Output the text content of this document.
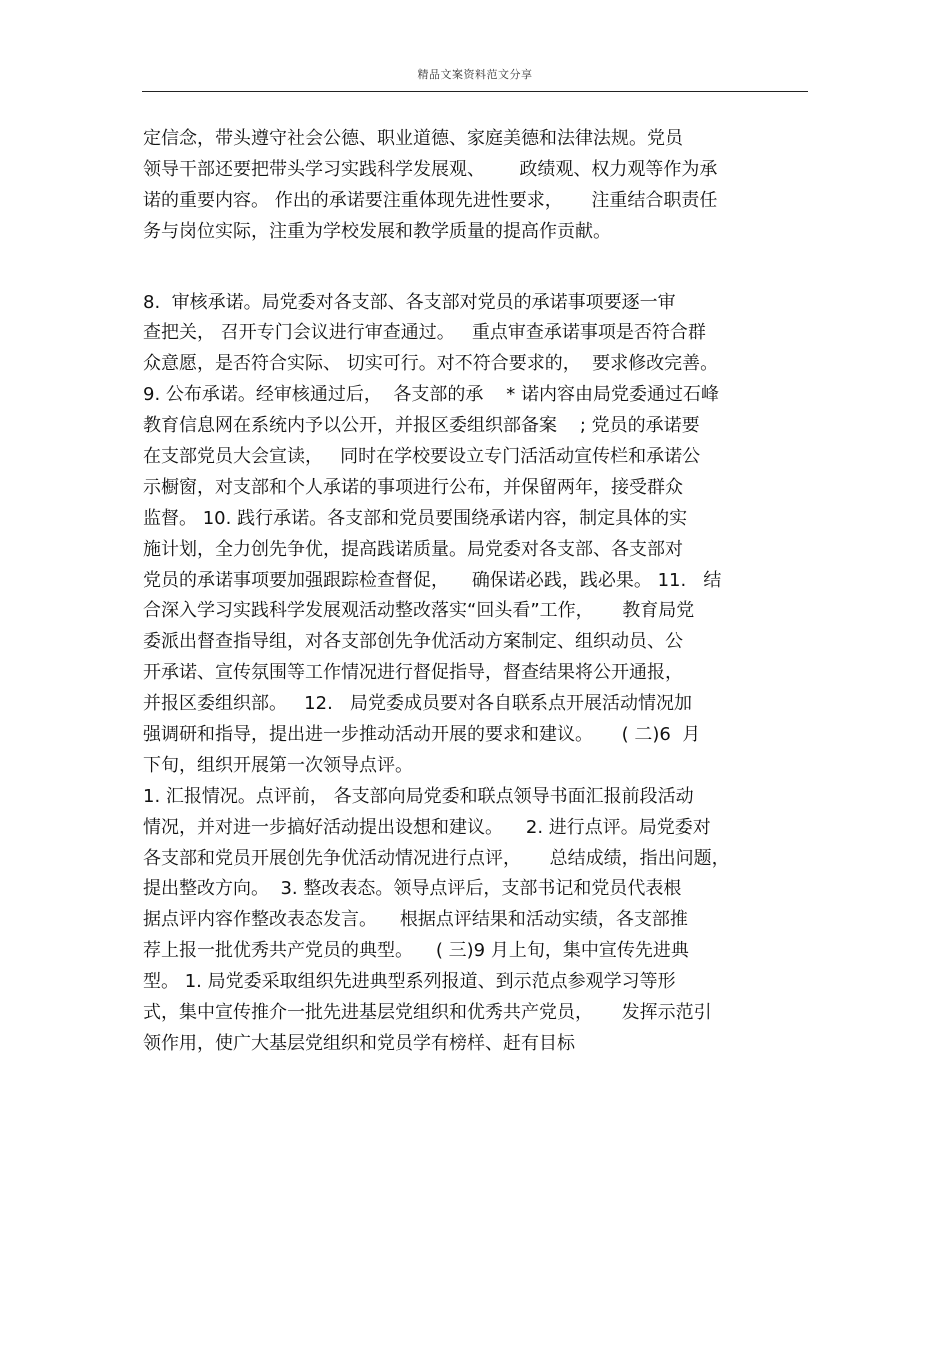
精品文案资料范文分享
定信念，带头遵守社会公德、职业道德、家庭美德和法律法规。党员
领导干部还要把带头学习实践科学发展观、      政绩观、权力观等作为承
诺的重要内容。 作出的承诺要注重体现先进性要求，     注重结合职责任
务与岗位实际，注重为学校发展和教学质量的提高作贡献。
8.  审核承诺。局党委对各支部、各支部对党员的承诺事项要逐一审
查把关， 召开专门会议进行审查通过。   重点审查承诺事项是否符合群
众意愿，是否符合实际、 切实可行。对不符合要求的，  要求修改完善。
9. 公布承诺。经审核通过后，  各支部的承    * 诺内容由局党委通过石峰
教育信息网在系统内予以公开，并报区委组织部备案    ; 党员的承诺要
在支部党员大会宣读，   同时在学校要设立专门活活动宣传栏和承诺公
示橱窗，对支部和个人承诺的事项进行公布，并保留两年，接受群众
监督。 10. 践行承诺。各支部和党员要围绕承诺内容，制定具体的实
施计划，全力创先争优，提高践诺质量。局党委对各支部、各支部对
党员的承诺事项要加强跟踪检查督促，    确保诺必践，践必果。 11.   结
合深入学习实践科学发展观活动整改落实“回头看”工作，     教育局党
委派出督查指导组，对各支部创先争优活动方案制定、组织动员、公
开承诺、宣传氛围等工作情况进行督促指导，督查结果将公开通报，
并报区委组织部。   12.   局党委成员要对各自联系点开展活动情况加
强调研和指导，提出进一步推动活动开展的要求和建议。     ( 二)6  月
下旬，组织开展第一次领导点评。
1. 汇报情况。点评前， 各支部向局党委和联点领导书面汇报前段活动
情况，并对进一步搞好活动提出设想和建议。    2. 进行点评。局党委对
各支部和党员开展创先争优活动情况进行点评，     总结成绩，指出问题，
提出整改方向。  3. 整改表态。领导点评后，支部书记和党员代表根
据点评内容作整改表态发言。    根据点评结果和活动实绩，各支部推
荐上报一批优秀共产党员的典型。    ( 三)9 月上旬，集中宣传先进典
型。 1. 局党委采取组织先进典型系列报道、到示范点参观学习等形
式，集中宣传推介一批先进基层党组织和优秀共产党员，     发挥示范引
领作用，使广大基层党组织和党员学有榜样、赶有目标
